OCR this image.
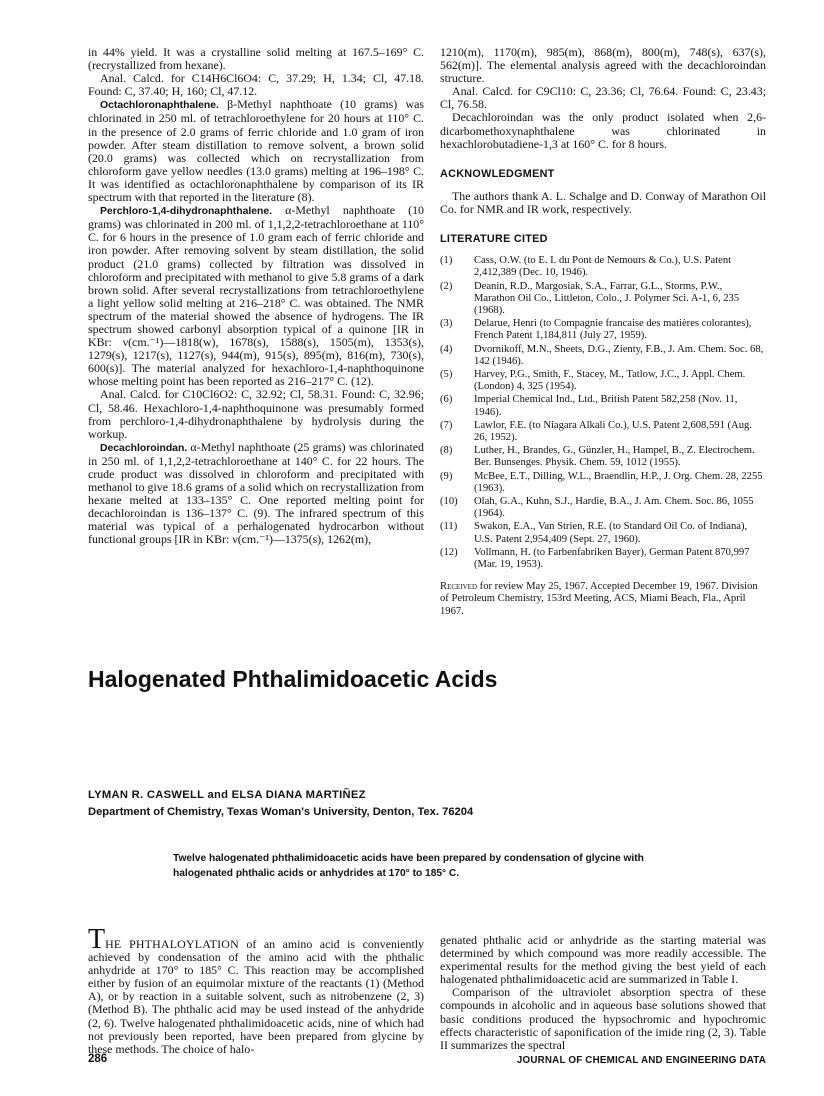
in 44% yield. It was a crystalline solid melting at 167.5–169° C. (recrystallized from hexane).

Anal. Calcd. for C14H6Cl6O4: C, 37.29; H, 1.34; Cl, 47.18. Found: C, 37.40; H, 160; Cl, 47.12.

Octachloronaphthalene. β-Methyl naphthoate (10 grams) was chlorinated in 250 ml. of tetrachloroethylene for 20 hours at 110° C. in the presence of 2.0 grams of ferric chloride and 1.0 gram of iron powder. After steam distillation to remove solvent, a brown solid (20.0 grams) was collected which on recrystallization from chloroform gave yellow needles (13.0 grams) melting at 196–198° C. It was identified as octachloronaphthalene by comparison of its IR spectrum with that reported in the literature (8).

Perchloro-1,4-dihydronaphthalene. α-Methyl naphthoate (10 grams) was chlorinated in 200 ml. of 1,1,2,2-tetrachloroethane at 110° C. for 6 hours in the presence of 1.0 gram each of ferric chloride and iron powder. After removing solvent by steam distillation, the solid product (21.0 grams) collected by filtration was dissolved in chloroform and precipitated with methanol to give 5.8 grams of a dark brown solid. After several recrystallizations from tetrachloroethylene a light yellow solid melting at 216–218° C. was obtained. The NMR spectrum of the material showed the absence of hydrogens. The IR spectrum showed carbonyl absorption typical of a quinone [IR in KBr: ν(cm.⁻¹)—1818(w), 1678(s), 1588(s), 1505(m), 1353(s), 1279(s), 1217(s), 1127(s), 944(m), 915(s), 895(m), 816(m), 730(s), 600(s)]. The material analyzed for hexachloro-1,4-naphthoquinone whose melting point has been reported as 216–217° C. (12).

Anal. Calcd. for C10Cl6O2: C, 32.92; Cl, 58.31. Found: C, 32.96; Cl, 58.46. Hexachloro-1,4-naphthoquinone was presumably formed from perchloro-1,4-dihydronaphthalene by hydrolysis during the workup.

Decachloroindan. α-Methyl naphthoate (25 grams) was chlorinated in 250 ml. of 1,1,2,2-tetrachloroethane at 140° C. for 22 hours. The crude product was dissolved in chloroform and precipitated with methanol to give 18.6 grams of a solid which on recrystallization from hexane melted at 133–135° C. One reported melting point for decachloroindan is 136–137° C. (9). The infrared spectrum of this material was typical of a perhalogenated hydrocarbon without functional groups [IR in KBr: ν(cm.⁻¹)—1375(s), 1262(m),

1210(m), 1170(m), 985(m), 868(m), 800(m), 748(s), 637(s), 562(m)]. The elemental analysis agreed with the decachloroindan structure.

Anal. Calcd. for C9Cl10: C, 23.36; Cl, 76.64. Found: C, 23.43; Cl, 76.58.

Decachloroindan was the only product isolated when 2,6-dicarbomethoxynaphthalene was chlorinated in hexachlorobutadiene-1,3 at 160° C. for 8 hours.

ACKNOWLEDGMENT

The authors thank A. L. Schalge and D. Conway of Marathon Oil Co. for NMR and IR work, respectively.

LITERATURE CITED
(1) Cass, O.W. (to E. I. du Pont de Nemours & Co.), U.S. Patent 2,412,389 (Dec. 10, 1946).
(2) Deanin, R.D., Margosiak, S.A., Farrar, G.L., Storms, P.W., Marathon Oil Co., Littleton, Colo., J. Polymer Sci. A-1, 6, 235 (1968).
(3) Delarue, Henri (to Compagnie francaise des matières colorantes), French Patent 1,184,811 (July 27, 1959).
(4) Dvornikoff, M.N., Sheets, D.G., Zienty, F.B., J. Am. Chem. Soc. 68, 142 (1946).
(5) Harvey, P.G., Smith, F., Stacey, M., Tatlow, J.C., J. Appl. Chem. (London) 4, 325 (1954).
(6) Imperial Chemical Ind., Ltd., British Patent 582,258 (Nov. 11, 1946).
(7) Lawlor, F.E. (to Niagara Alkali Co.), U.S. Patent 2,608,591 (Aug. 26, 1952).
(8) Luther, H., Brandes, G., Günzler, H., Hampel, B., Z. Electrochem. Ber. Bunsenges. Physik. Chem. 59, 1012 (1955).
(9) McBee, E.T., Dilling, W.L., Braendlin, H.P., J. Org. Chem. 28, 2255 (1963).
(10) Olah, G.A., Kuhn, S.J., Hardie, B.A., J. Am. Chem. Soc. 86, 1055 (1964).
(11) Swakon, E.A., Van Strien, R.E. (to Standard Oil Co. of Indiana), U.S. Patent 2,954,409 (Sept. 27, 1960).
(12) Vollmann, H. (to Farbenfabriken Bayer), German Patent 870,997 (Mar. 19, 1953).

Received for review May 25, 1967. Accepted December 19, 1967. Division of Petroleum Chemistry, 153rd Meeting, ACS, Miami Beach, Fla., April 1967.

Halogenated Phthalimidoacetic Acids
LYMAN R. CASWELL and ELSA DIANA MARTIÑEZ
Department of Chemistry, Texas Woman's University, Denton, Tex. 76204

Twelve halogenated phthalimidoacetic acids have been prepared by condensation of glycine with halogenated phthalic acids or anhydrides at 170° to 185° C.

THE PHTHALOYLATION of an amino acid is conveniently achieved by condensation of the amino acid with the phthalic anhydride at 170° to 185° C. This reaction may be accomplished either by fusion of an equimolar mixture of the reactants (1) (Method A), or by reaction in a suitable solvent, such as nitrobenzene (2, 3) (Method B). The phthalic acid may be used instead of the anhydride (2, 6). Twelve halogenated phthalimidoacetic acids, nine of which had not previously been reported, have been prepared from glycine by these methods. The choice of halo-

genated phthalic acid or anhydride as the starting material was determined by which compound was more readily accessible. The experimental results for the method giving the best yield of each halogenated phthalimidoacetic acid are summarized in Table I.

Comparison of the ultraviolet absorption spectra of these compounds in alcoholic and in aqueous base solutions showed that basic conditions produced the hypsochromic and hypochromic effects characteristic of saponification of the imide ring (2, 3). Table II summarizes the spectral

286	JOURNAL OF CHEMICAL AND ENGINEERING DATA
